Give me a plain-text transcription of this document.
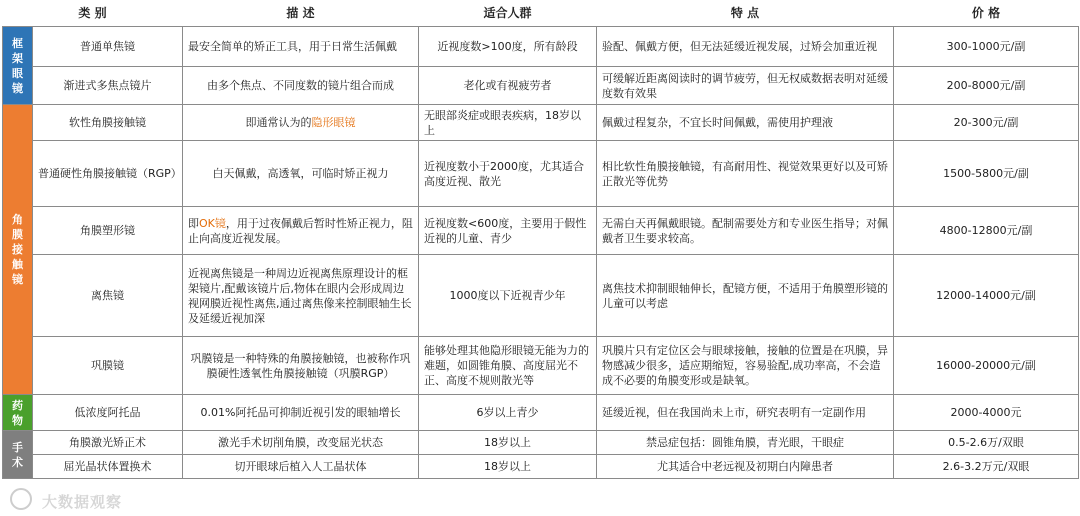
类 别		描 述	适合人群	特 点	价 格
框架眼镜	普通单焦镜	最安全简单的矫正工具，用于日常生活佩戴	近视度数>100度，所有龄段	验配、佩戴方便，但无法延缓近视发展，过矫会加重近视	300-1000元/副
	渐进式多焦点镜片	由多个焦点、不同度数的镜片组合而成	老化或有视疲劳者	可缓解近距离阅读时的调节疲劳，但无权威数据表明对延缓度数有效果	200-8000元/副
角膜接触镜	软性角膜接触镜	即通常认为的隐形眼镜	无眼部炎症或眼表疾病，18岁以上	佩戴过程复杂，不宜长时间佩戴，需使用护理液	20-300元/副
	普通硬性角膜接触镜（RGP）	白天佩戴，高透氧，可临时矫正视力	近视度数小于2000度，尤其适合高度近视、散光	相比软性角膜接触镜，有高耐用性、视觉效果更好以及可矫正散光等优势	1500-5800元/副
	角膜塑形镜	即OK镜，用于过夜佩戴后暂时性矫正视力，阻止向高度近视发展。	近视度数<600度，主要用于假性近视的儿童、青少	无需白天再佩戴眼镜。配制需要处方和专业医生指导；对佩戴者卫生要求较高。	4800-12800元/副
	离焦镜	近视离焦镜是一种周边近视离焦原理设计的框架镜片,配戴该镜片后,物体在眼内会形成周边视网膜近视性离焦,通过离焦像来控制眼轴生长及延缓近视加深	1000度以下近视青少年	离焦技术抑制眼轴伸长，配镜方便，不适用于角膜塑形镜的儿童可以考虑	12000-14000元/副
	巩膜镜	巩膜镜是一种特殊的角膜接触镜，也被称作巩膜硬性透氧性角膜接触镜（巩膜RGP）	能够处理其他隐形眼镜无能为力的难题，如圆锥角膜、高度屈光不正、高度不规则散光等	巩膜片只有定位区会与眼球接触，接触的位置是在巩膜，异物感减少很多，适应期缩短，容易验配,成功率高，不会造成不必要的角膜变形或是缺氧。	16000-20000元/副
药物	低浓度阿托品	0.01%阿托品可抑制近视引发的眼轴增长	6岁以上青少	延缓近视，但在我国尚未上市，研究表明有一定副作用	2000-4000元
手术	角膜激光矫正术	激光手术切削角膜，改变屈光状态	18岁以上	禁忌症包括：圆锥角膜，青光眼，干眼症	0.5-2.6万/双眼
	屈光晶状体置换术	切开眼球后植入人工晶状体	18岁以上	尤其适合中老远视及初期白内障患者	2.6-3.2万元/双眼
大数据观察
